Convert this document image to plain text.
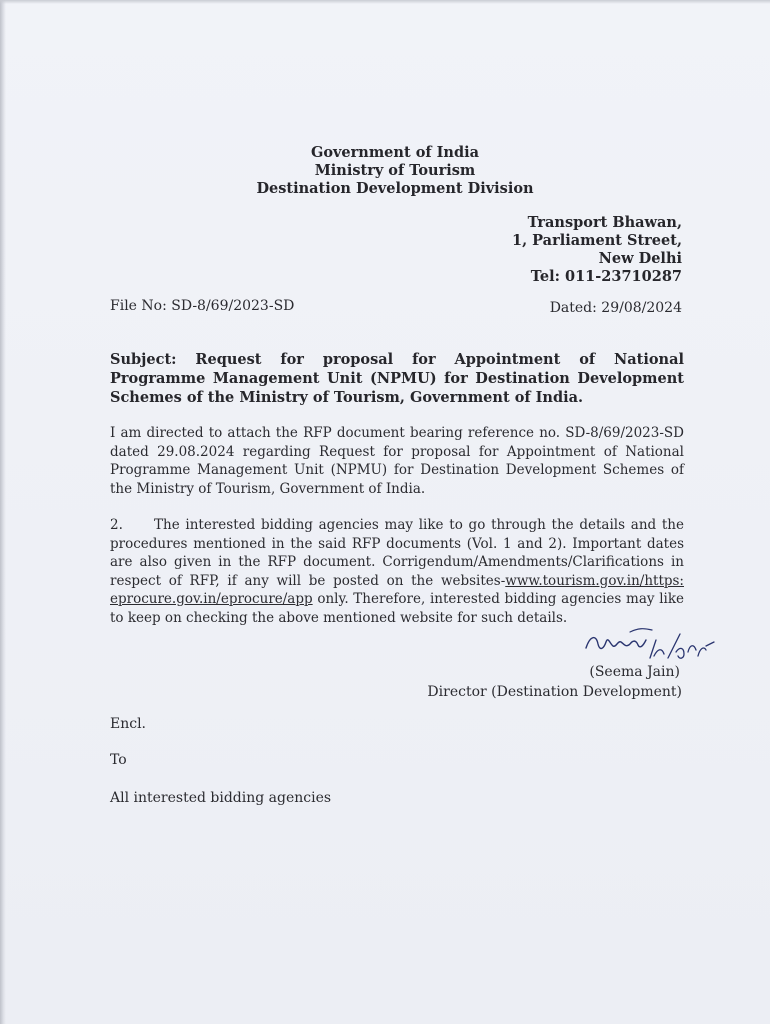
Government of India
Ministry of Tourism
Destination Development Division
Transport Bhawan,
1, Parliament Street,
New Delhi
Tel: 011-23710287
File No: SD-8/69/2023-SD	Dated: 29/08/2024
Subject: Request for proposal for Appointment of National Programme Management Unit (NPMU) for Destination Development Schemes of the Ministry of Tourism, Government of India.
I am directed to attach the RFP document bearing reference no. SD-8/69/2023-SD dated 29.08.2024 regarding Request for proposal for Appointment of National Programme Management Unit (NPMU) for Destination Development Schemes of the Ministry of Tourism, Government of India.
2. The interested bidding agencies may like to go through the details and the procedures mentioned in the said RFP documents (Vol. 1 and 2). Important dates are also given in the RFP document. Corrigendum/Amendments/Clarifications in respect of RFP, if any will be posted on the websites-www.tourism.gov.in/https: eprocure.gov.in/eprocure/app only. Therefore, interested bidding agencies may like to keep on checking the above mentioned website for such details.
(Seema Jain)
Director (Destination Development)
Encl.
To
All interested bidding agencies
